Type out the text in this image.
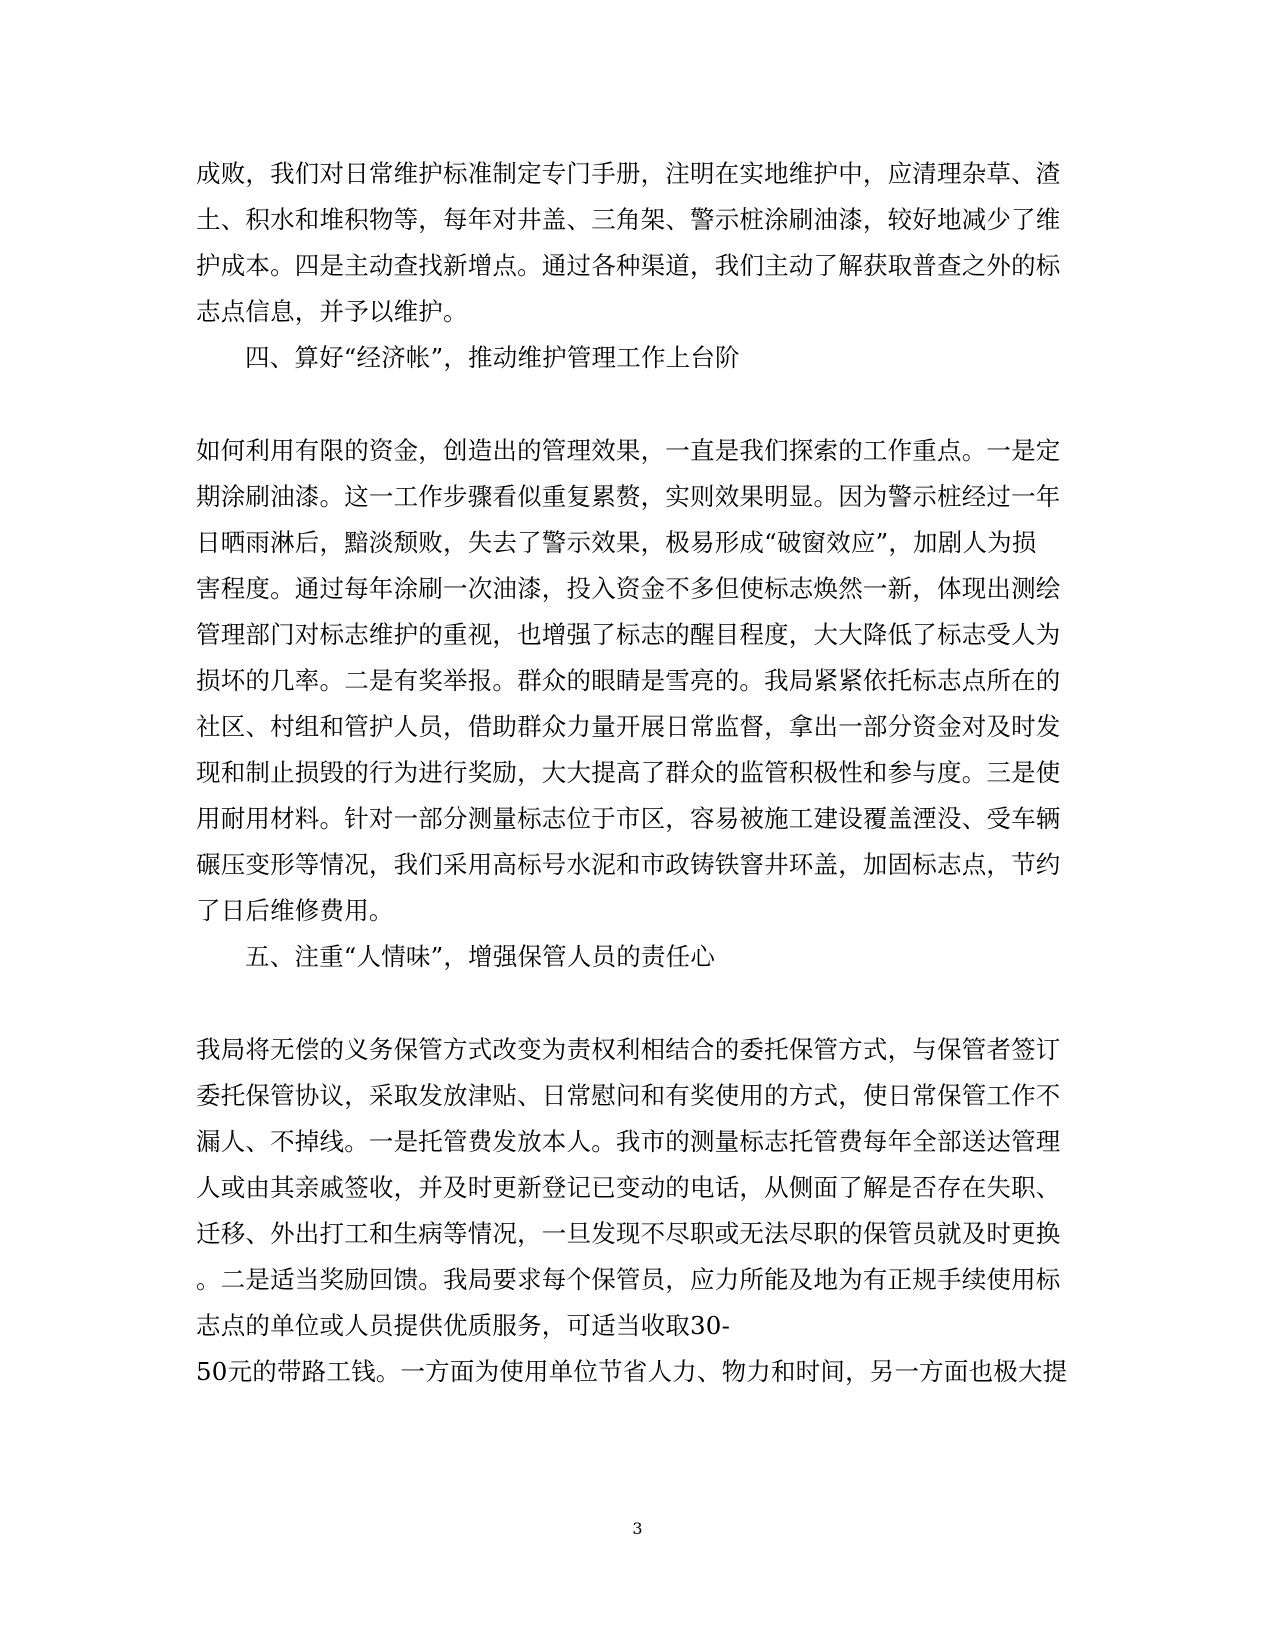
成败，我们对日常维护标准制定专门手册，注明在实地维护中，应清理杂草、渣
土、积水和堆积物等，每年对井盖、三角架、警示桩涂刷油漆，较好地减少了维
护成本。四是主动查找新增点。通过各种渠道，我们主动了解获取普查之外的标
志点信息，并予以维护。
四、算好“经济帐”，推动维护管理工作上台阶
如何利用有限的资金，创造出的管理效果，一直是我们探索的工作重点。一是定
期涂刷油漆。这一工作步骤看似重复累赘，实则效果明显。因为警示桩经过一年
日晒雨淋后，黯淡颓败，失去了警示效果，极易形成“破窗效应”，加剧人为损
害程度。通过每年涂刷一次油漆，投入资金不多但使标志焕然一新，体现出测绘
管理部门对标志维护的重视，也增强了标志的醒目程度，大大降低了标志受人为
损坏的几率。二是有奖举报。群众的眼睛是雪亮的。我局紧紧依托标志点所在的
社区、村组和管护人员，借助群众力量开展日常监督，拿出一部分资金对及时发
现和制止损毁的行为进行奖励，大大提高了群众的监管积极性和参与度。三是使
用耐用材料。针对一部分测量标志位于市区，容易被施工建设覆盖湮没、受车辆
碾压变形等情况，我们采用高标号水泥和市政铸铁窨井环盖，加固标志点，节约
了日后维修费用。
五、注重“人情味”，增强保管人员的责任心
我局将无偿的义务保管方式改变为责权利相结合的委托保管方式，与保管者签订
委托保管协议，采取发放津贴、日常慰问和有奖使用的方式，使日常保管工作不
漏人、不掉线。一是托管费发放本人。我市的测量标志托管费每年全部送达管理
人或由其亲戚签收，并及时更新登记已变动的电话，从侧面了解是否存在失职、
迁移、外出打工和生病等情况，一旦发现不尽职或无法尽职的保管员就及时更换
。二是适当奖励回馈。我局要求每个保管员，应力所能及地为有正规手续使用标
志点的单位或人员提供优质服务，可适当收取30-
50元的带路工钱。一方面为使用单位节省人力、物力和时间，另一方面也极大提
3
